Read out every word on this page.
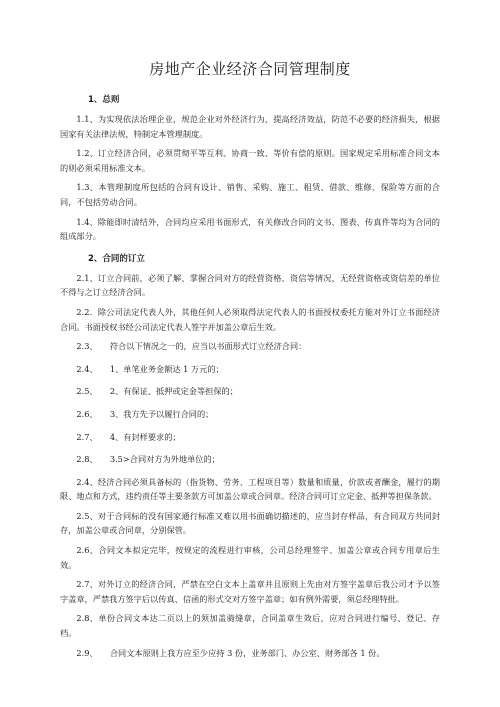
房地产企业经济合同管理制度
1、总则

1.1、为实现依法治理企业，规范企业对外经济行为，提高经济效益，防范不必要的经济损失，根据国家有关法律法规，特制定本管理制度。

1.2、订立经济合同，必须贯彻平等互利、协商一致、等价有偿的原则。国家规定采用标准合同文本的则必须采用标准文本。

1.3、本管理制度所包括的合同有设计、销售、采购、施工、租赁、借款、维修、保险等方面的合同，不包括劳动合同。

1.4、除能即时清结外，合同均应采用书面形式，有关修改合同的文书、图表、传真件等均为合同的组成部分。

2、合同的订立

2.1、订立合同前，必须了解、掌握合同对方的经营资格、资信等情况，无经营资格或资信差的单位不得与之订立经济合同。

2.2．除公司法定代表人外，其他任何人必须取得法定代表人的书面授权委托方能对外订立书面经济合同。书面授权书经公司法定代表人签字并加盖公章后生效。

2.3、　　符合以下情况之一的，应当以书面形式订立经济合同：

2.4、　　1、单笔业务金额达 1 万元的；

2.5、　　2、有保证、抵押或定金等担保的；

2.6、　　3、我方先予以履行合同的；

2.7、　　4、有封样要求的；

2.8、　　3.5>合同对方为外地单位的；

2.4、经济合同必须具备标的（指货物、劳务、工程项目等）数量和质量，价款或者酬金，履行的期限、地点和方式，违约责任等主要条款方可加盖公章或合同章。经济合同可订立定金、抵押等担保条款。

2.5、对于合同标的没有国家通行标准又难以用书面确切描述的，应当封存样品，有合同双方共同封存，加盖公章或合同章，分别保管。

2.6、合同文本拟定完毕，按规定的流程进行审核，公司总经理签字、加盖公章或合同专用章后生效。

2.7、对外订立的经济合同，严禁在空白文本上盖章并且原则上先由对方签字盖章后我公司才予以签字盖章，严禁我方签字后以传真、信函的形式交对方签字盖章；如有例外需要，须总经理特批。

2.8、单份合同文本达二页以上的须加盖骑缝章，合同盖章生效后，应对合同进行编号、登记、存档。

2.9、　　合同文本原则上我方应至少应持 3 份，业务部门、办公室、财务部各 1 份。
